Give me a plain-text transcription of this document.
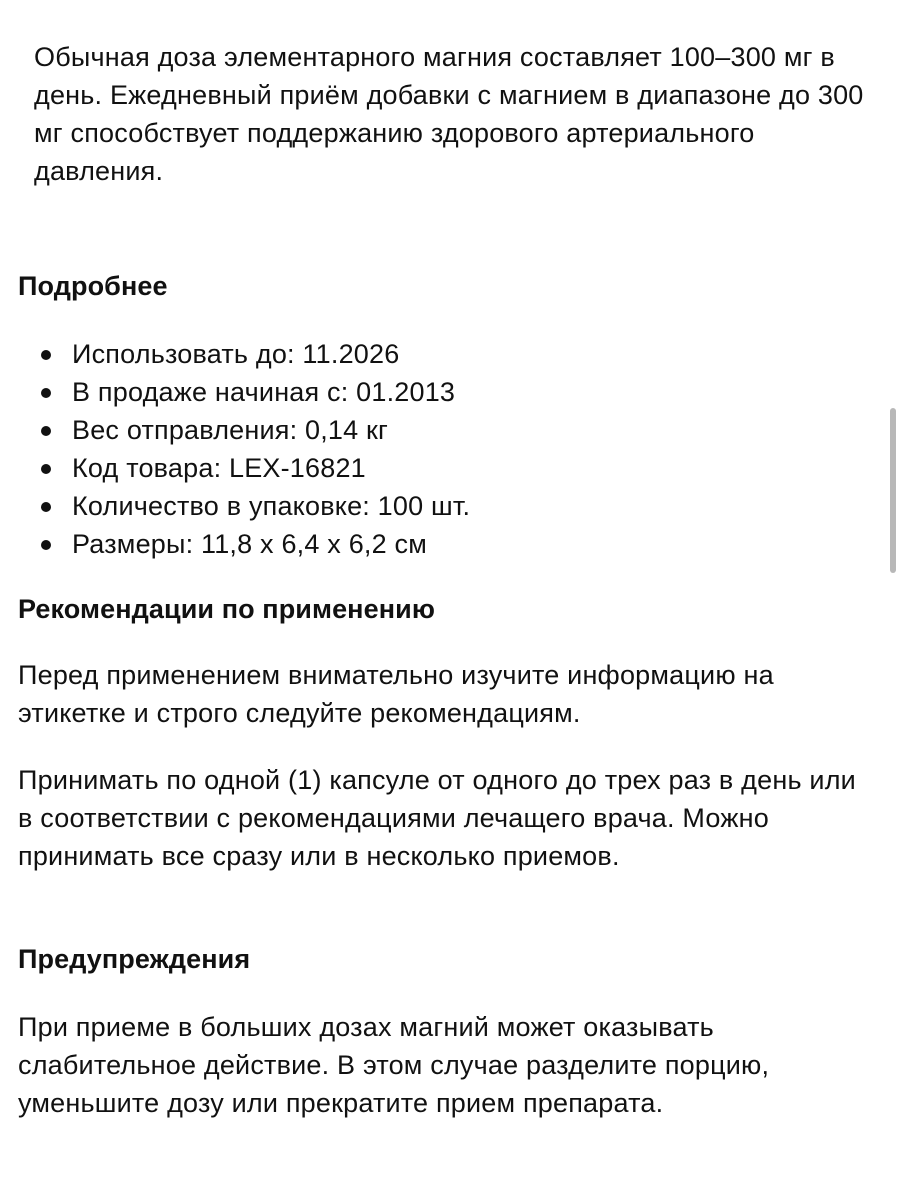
Обычная доза элементарного магния составляет 100–300 мг в день. Ежедневный приём добавки с магнием в диапазоне до 300 мг способствует поддержанию здорового артериального давления.

Подробнее
Использовать до: 11.2026
В продаже начиная с: 01.2013
Вес отправления: 0,14 кг
Код товара: LEX-16821
Количество в упаковке: 100 шт.
Размеры: 11,8 x 6,4 x 6,2 см
Рекомендации по применению

Перед применением внимательно изучите информацию на этикетке и строго следуйте рекомендациям.

Принимать по одной (1) капсуле от одного до трех раз в день или в соответствии с рекомендациями лечащего врача. Можно принимать все сразу или в несколько приемов.

Предупреждения

При приеме в больших дозах магний может оказывать слабительное действие. В этом случае разделите порцию, уменьшите дозу или прекратите прием препарата.
